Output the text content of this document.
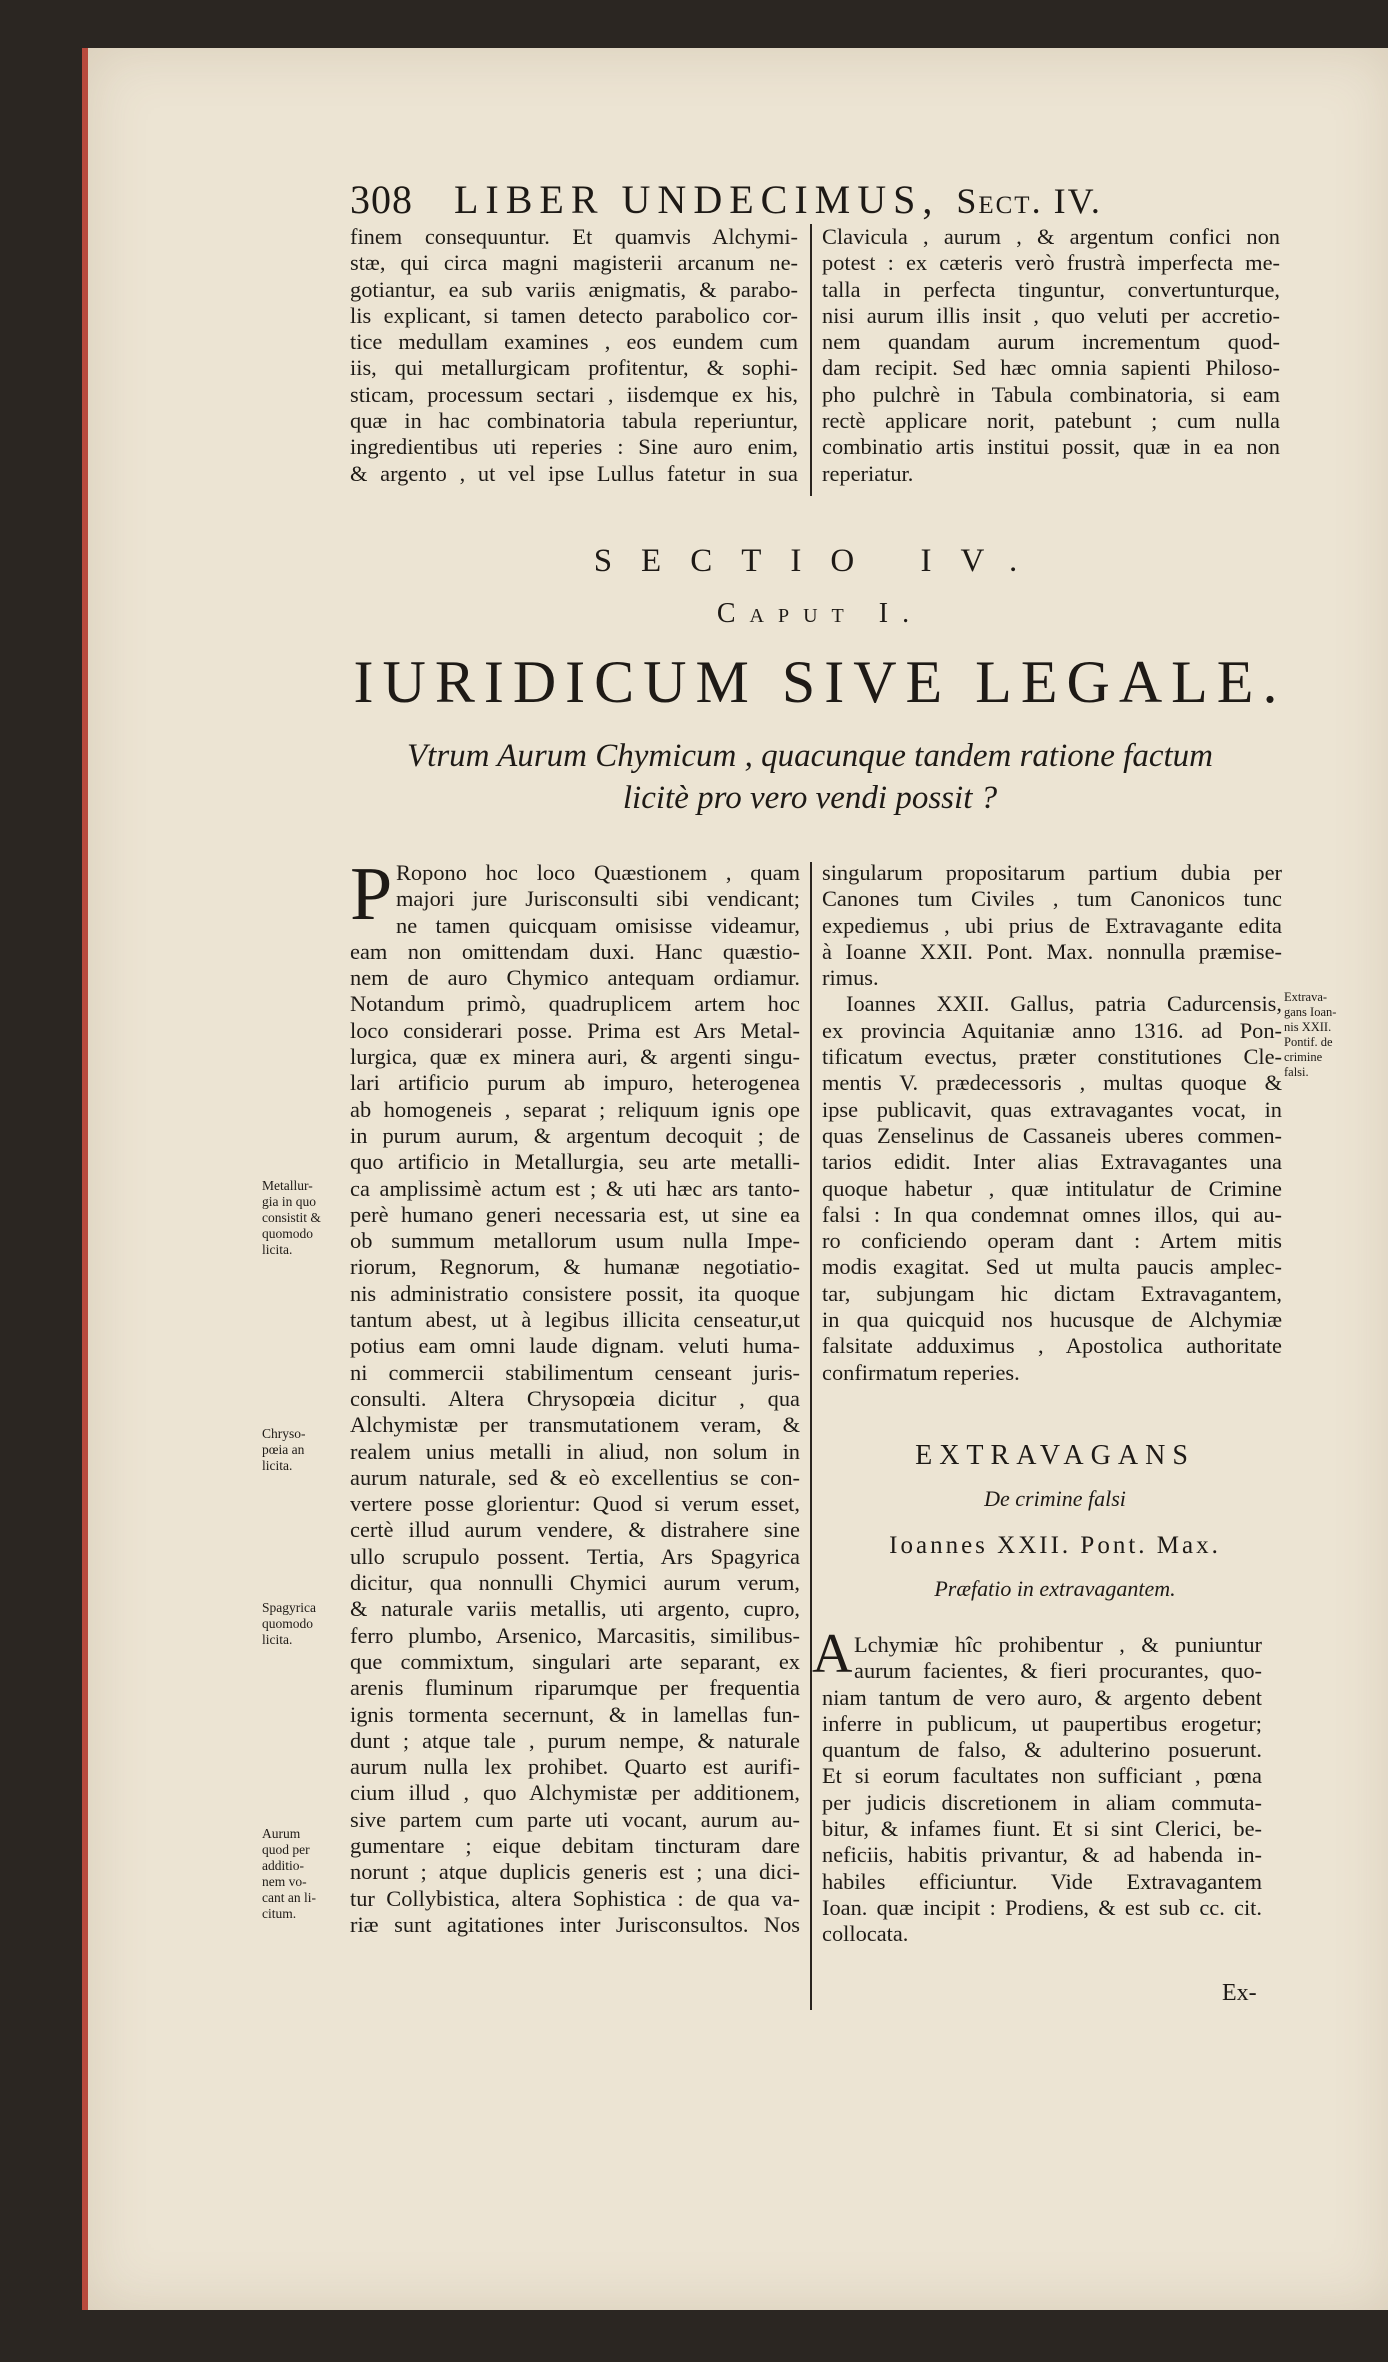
308 LIBER UNDECIMUS, Sect. IV.

finem consequuntur. Et quamvis Alchymi-

stæ, qui circa magni magisterii arcanum ne-

gotiantur, ea sub variis ænigmatis, & parabo-

lis explicant, si tamen detecto parabolico cor-

tice medullam examines , eos eundem cum

iis, qui metallurgicam profitentur, & sophi-

sticam, processum sectari , iisdemque ex his,

quæ in hac combinatoria tabula reperiuntur,

ingredientibus uti reperies : Sine auro enim,

& argento , ut vel ipse Lullus fatetur in sua

Clavicula , aurum , & argentum confici non

potest : ex cæteris verò frustrà imperfecta me-

talla in perfecta tinguntur, convertunturque,

nisi aurum illis insit , quo veluti per accretio-

nem quandam aurum incrementum quod-

dam recipit. Sed hæc omnia sapienti Philoso-

pho pulchrè in Tabula combinatoria, si eam

rectè applicare norit, patebunt ; cum nulla

combinatio artis institui possit, quæ in ea non

reperiatur.

SECTIO IV.
Caput I.
IURIDICUM SIVE LEGALE.
Vtrum Aurum Chymicum , quacunque tandem ratione factum
licitè pro vero vendi possit ?
P Ropono hoc loco Quæstionem , quam

majori jure Jurisconsulti sibi vendicant;

ne tamen quicquam omisisse videamur,

eam non omittendam duxi. Hanc quæstio-

nem de auro Chymico antequam ordiamur.

Notandum primò, quadruplicem artem hoc

loco considerari posse. Prima est Ars Metal-

lurgica, quæ ex minera auri, & argenti singu-

lari artificio purum ab impuro, heterogenea

ab homogeneis , separat ; reliquum ignis ope

in purum aurum, & argentum decoquit ; de

quo artificio in Metallurgia, seu arte metalli-

ca amplissimè actum est ; & uti hæc ars tanto-

perè humano generi necessaria est, ut sine ea

ob summum metallorum usum nulla Impe-

riorum, Regnorum, & humanæ negotiatio-

nis administratio consistere possit, ita quoque

tantum abest, ut à legibus illicita censeatur,ut

potius eam omni laude dignam. veluti huma-

ni commercii stabilimentum censeant juris-

consulti. Altera Chrysopœia dicitur , qua

Alchymistæ per transmutationem veram, &

realem unius metalli in aliud, non solum in

aurum naturale, sed & eò excellentius se con-

vertere posse glorientur: Quod si verum esset,

certè illud aurum vendere, & distrahere sine

ullo scrupulo possent. Tertia, Ars Spagyrica

dicitur, qua nonnulli Chymici aurum verum,

& naturale variis metallis, uti argento, cupro,

ferro plumbo, Arsenico, Marcasitis, similibus-

que commixtum, singulari arte separant, ex

arenis fluminum riparumque per frequentia

ignis tormenta secernunt, & in lamellas fun-

dunt ; atque tale , purum nempe, & naturale

aurum nulla lex prohibet. Quarto est aurifi-

cium illud , quo Alchymistæ per additionem,

sive partem cum parte uti vocant, aurum au-

gumentare ; eique debitam tincturam dare

norunt ; atque duplicis generis est ; una dici-

tur Collybistica, altera Sophistica : de qua va-

riæ sunt agitationes inter Jurisconsultos. Nos

singularum propositarum partium dubia per

Canones tum Civiles , tum Canonicos tunc

expediemus , ubi prius de Extravagante edita

à Ioanne XXII. Pont. Max. nonnulla præmise-

rimus.

Ioannes XXII. Gallus, patria Cadurcensis,

ex provincia Aquitaniæ anno 1316. ad Pon-

tificatum evectus, præter constitutiones Cle-

mentis V. prædecessoris , multas quoque &

ipse publicavit, quas extravagantes vocat, in

quas Zenselinus de Cassaneis uberes commen-

tarios edidit. Inter alias Extravagantes una

quoque habetur , quæ intitulatur de Crimine

falsi : In qua condemnat omnes illos, qui au-

ro conficiendo operam dant : Artem mitis

modis exagitat. Sed ut multa paucis amplec-

tar, subjungam hic dictam Extravagantem,

in qua quicquid nos hucusque de Alchymiæ

falsitate adduximus , Apostolica authoritate

confirmatum reperies.

EXTRAVAGANS
De crimine falsi
Ioannes XXII. Pont. Max.
Præfatio in extravagantem.
A Lchymiæ hîc prohibentur , & puniuntur

aurum facientes, & fieri procurantes, quo-

niam tantum de vero auro, & argento debent

inferre in publicum, ut paupertibus erogetur;

quantum de falso, & adulterino posuerunt.

Et si eorum facultates non sufficiant , pœna

per judicis discretionem in aliam commuta-

bitur, & infames fiunt. Et si sint Clerici, be-

neficiis, habitis privantur, & ad habenda in-

habiles efficiuntur. Vide Extravagantem

Ioan. quæ incipit : Prodiens, & est sub cc. cit.

collocata.

Metallur-
gia in quo
consistit &
quomodo
licita.
Chryso-
pœia an
licita.
Spagyrica
quomodo
licita.
Aurum
quod per
additio-
nem vo-
cant an li-
citum.
Extrava-
gans Ioan-
nis XXII.
Pontif. de
crimine
falsi.
Ex-
